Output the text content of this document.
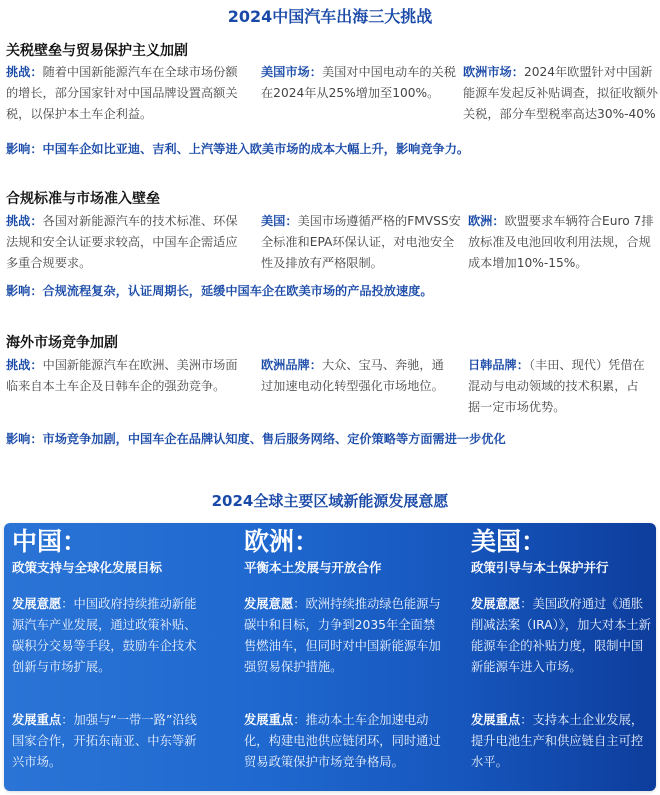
2024中国汽车出海三大挑战
关税壁垒与贸易保护主义加剧
挑战：随着中国新能源汽车在全球市场份额的增长，部分国家针对中国品牌设置高额关税，以保护本土车企利益。
美国市场：美国对中国电动车的关税在2024年从25%增加至100%。
欧洲市场：2024年欧盟针对中国新能源车发起反补贴调查，拟征收额外关税，部分车型税率高达30%-40%
影响：中国车企如比亚迪、吉利、上汽等进入欧美市场的成本大幅上升，影响竞争力。
合规标准与市场准入壁垒
挑战：各国对新能源汽车的技术标准、环保法规和安全认证要求较高，中国车企需适应多重合规要求。
美国：美国市场遵循严格的FMVSS安全标准和EPA环保认证，对电池安全性及排放有严格限制。
欧洲：欧盟要求车辆符合Euro 7排放标准及电池回收利用法规，合规成本增加10%-15%。
影响：合规流程复杂，认证周期长，延缓中国车企在欧美市场的产品投放速度。
海外市场竞争加剧
挑战：中国新能源汽车在欧洲、美洲市场面临来自本土车企及日韩车企的强劲竞争。
欧洲品牌：大众、宝马、奔驰，通过加速电动化转型强化市场地位。
日韩品牌：（丰田、现代）凭借在混动与电动领域的技术积累，占据一定市场优势。
影响：市场竞争加剧，中国车企在品牌认知度、售后服务网络、定价策略等方面需进一步优化
2024全球主要区域新能源发展意愿
中国：
政策支持与全球化发展目标
发展意愿：中国政府持续推动新能源汽车产业发展，通过政策补贴、碳积分交易等手段，鼓励车企技术创新与市场扩展。
发展重点：加强与“一带一路”沿线国家合作，开拓东南亚、中东等新兴市场。
欧洲：
平衡本土发展与开放合作
发展意愿：欧洲持续推动绿色能源与碳中和目标，力争到2035年全面禁售燃油车，但同时对中国新能源车加强贸易保护措施。
发展重点：推动本土车企加速电动化，构建电池供应链闭环，同时通过贸易政策保护市场竞争格局。
美国：
政策引导与本土保护并行
发展意愿：美国政府通过《通胀削减法案（IRA）》，加大对本土新能源车企的补贴力度，限制中国新能源车进入市场。
发展重点：支持本土企业发展，提升电池生产和供应链自主可控水平。
